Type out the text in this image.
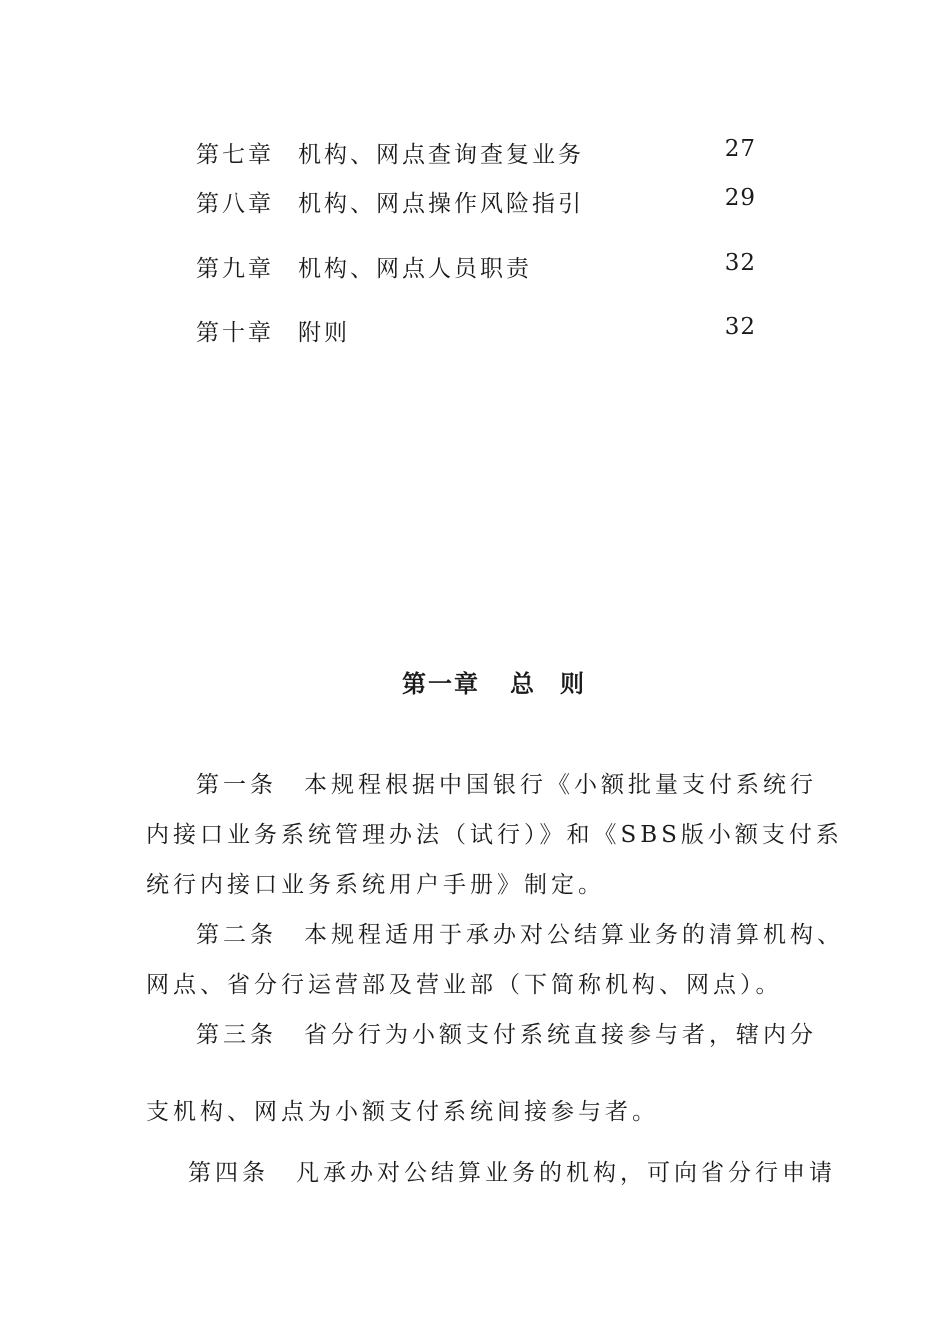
第七章 机构、网点查询查复业务	27
第八章 机构、网点操作风险指引	29
第九章 机构、网点人员职责	32
第十章 附则	32
第一章 总则
第一条　本规程根据中国银行《小额批量支付系统行
内接口业务系统管理办法（试行）》和《SBS版小额支付系
统行内接口业务系统用户手册》制定。
第二条　本规程适用于承办对公结算业务的清算机构、
网点、省分行运营部及营业部（下简称机构、网点）。
第三条　省分行为小额支付系统直接参与者，辖内分
支机构、网点为小额支付系统间接参与者。
第四条　凡承办对公结算业务的机构，可向省分行申请
